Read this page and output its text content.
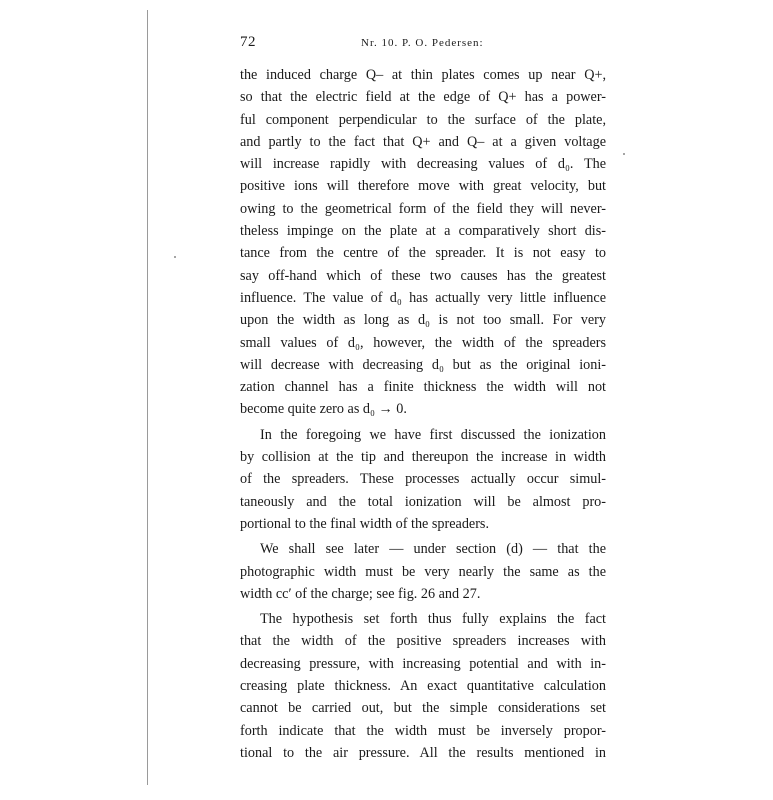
72	Nr. 10. P. O. Pedersen:

the induced charge Q– at thin plates comes up near Q+,
so that the electric field at the edge of Q+ has a power-
ful component perpendicular to the surface of the plate,
and partly to the fact that Q+ and Q– at a given voltage
will increase rapidly with decreasing values of d₀. The
positive ions will therefore move with great velocity, but
owing to the geometrical form of the field they will never-
theless impinge on the plate at a comparatively short dis-
tance from the centre of the spreader. It is not easy to
say off-hand which of these two causes has the greatest
influence. The value of d₀ has actually very little influence
upon the width as long as d₀ is not too small. For very
small values of d₀, however, the width of the spreaders
will decrease with decreasing d₀ but as the original ioni-
zation channel has a finite thickness the width will not
become quite zero as d₀ → 0.

In the foregoing we have first discussed the ionization
by collision at the tip and thereupon the increase in width
of the spreaders. These processes actually occur simul-
taneously and the total ionization will be almost pro-
portional to the final width of the spreaders.

We shall see later — under section (d) — that the
photographic width must be very nearly the same as the
width cc′ of the charge; see fig. 26 and 27.

The hypothesis set forth thus fully explains the fact
that the width of the positive spreaders increases with
decreasing pressure, with increasing potential and with in-
creasing plate thickness. An exact quantitative calculation
cannot be carried out, but the simple considerations set
forth indicate that the width must be inversely propor-
tional to the air pressure. All the results mentioned in
